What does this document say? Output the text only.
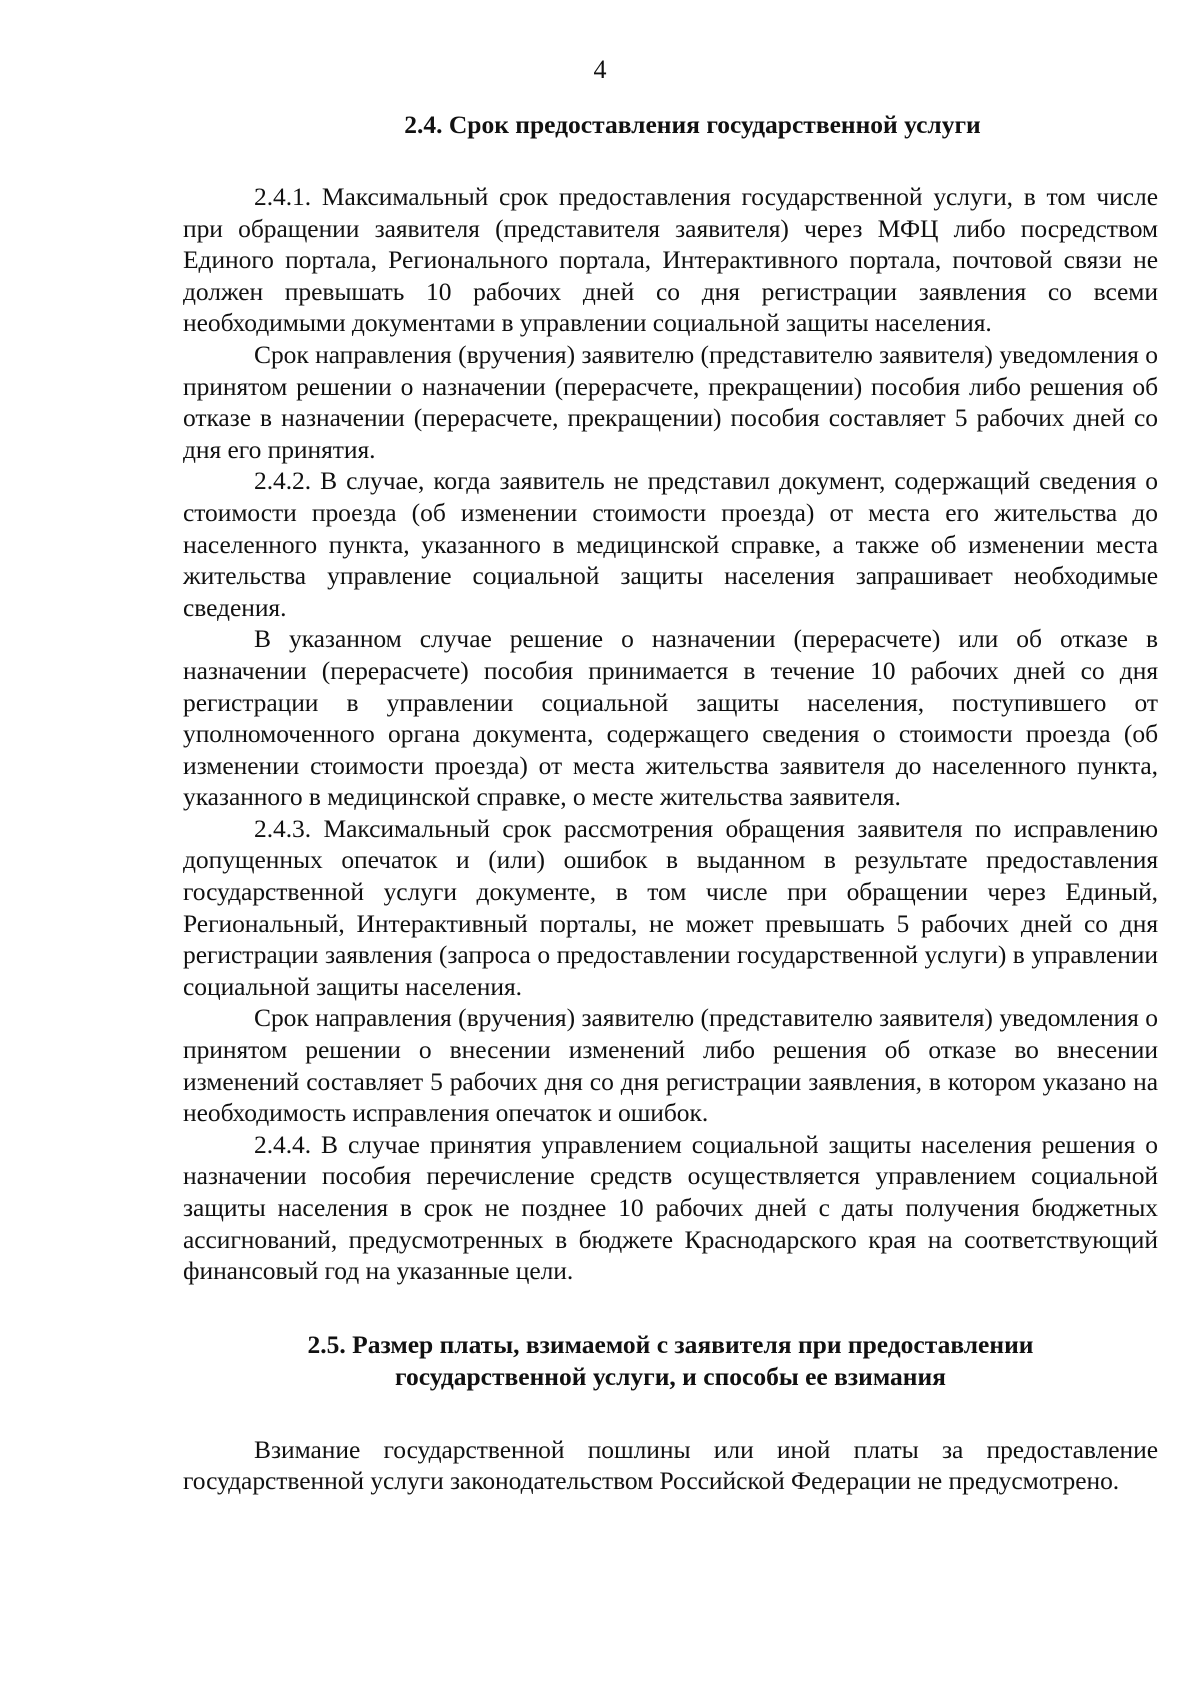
4
2.4. Срок предоставления государственной услуги

2.4.1. Максимальный срок предоставления государственной услуги, в том числе при обращении заявителя (представителя заявителя) через МФЦ либо посредством Единого портала, Регионального портала, Интерактивного портала, почтовой связи не должен превышать 10 рабочих дней со дня регистрации заявления со всеми необходимыми документами в управлении социальной защиты населения.

Срок направления (вручения) заявителю (представителю заявителя) уведомления о принятом решении о назначении (перерасчете, прекращении) пособия либо решения об отказе в назначении (перерасчете, прекращении) пособия составляет 5 рабочих дней со дня его принятия.

2.4.2. В случае, когда заявитель не представил документ, содержащий сведения о стоимости проезда (об изменении стоимости проезда) от места его жительства до населенного пункта, указанного в медицинской справке, а также об изменении места жительства управление социальной защиты населения запрашивает необходимые сведения.

В указанном случае решение о назначении (перерасчете) или об отказе в назначении (перерасчете) пособия принимается в течение 10 рабочих дней со дня регистрации в управлении социальной защиты населения, поступившего от уполномоченного органа документа, содержащего сведения о стоимости проезда (об изменении стоимости проезда) от места жительства заявителя до населенного пункта, указанного в медицинской справке, о месте жительства заявителя.

2.4.3. Максимальный срок рассмотрения обращения заявителя по исправлению допущенных опечаток и (или) ошибок в выданном в результате предоставления государственной услуги документе, в том числе при обращении через Единый, Региональный, Интерактивный порталы, не может превышать 5 рабочих дней со дня регистрации заявления (запроса о предоставлении государственной услуги) в управлении социальной защиты населения.

Срок направления (вручения) заявителю (представителю заявителя) уведомления о принятом решении о внесении изменений либо решения об отказе во внесении изменений составляет 5 рабочих дня со дня регистрации заявления, в котором указано на необходимость исправления опечаток и ошибок.

2.4.4. В случае принятия управлением социальной защиты населения решения о назначении пособия перечисление средств осуществляется управлением социальной защиты населения в срок не позднее 10 рабочих дней с даты получения бюджетных ассигнований, предусмотренных в бюджете Краснодарского края на соответствующий финансовый год на указанные цели.

2.5. Размер платы, взимаемой с заявителя при предоставлении государственной услуги, и способы ее взимания

Взимание государственной пошлины или иной платы за предоставление государственной услуги законодательством Российской Федерации не предусмотрено.
